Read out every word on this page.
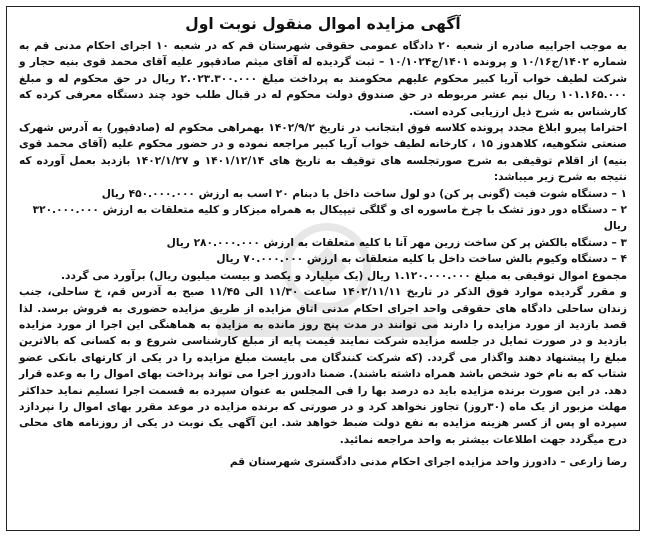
آگهی مزایده اموال منقول نوبت اول

به موجب اجراییه صادره از شعبه ۲۰ دادگاه عمومی حقوقی شهرستان قم که در شعبه ۱۰ اجرای احکام مدنی قم به شماره ۱۴۰۲/ج۱۰/۱۶ و پرونده ۱۴۰۱/ج۱۰/۱۰۲۴ – ثبت گردیده له آقای میثم صادقپور علیه آقای محمد قوی بنیه حجار و شرکت لطیف خواب آریا کبیر محکوم علیهم محکومند به پرداخت مبلغ ۲.۰۲۳.۳۰۰.۰۰۰ ریال در حق محکوم له و مبلغ ۱۰۱.۱۶۵.۰۰۰ ریال نیم عشر مربوطه در حق صندوق دولت محکوم له در قبال طلب خود چند دستگاه معرفی کرده که کارشناس به شرح ذیل ارزیابی کرده است.

احتراما پیرو ابلاغ مجدد پرونده کلاسه فوق ابتجانب در تاریخ ۱۴۰۲/۹/۲ بهمراهی محکوم له (صادقپور) به آدرس شهرک صنعتی شکوهیه، کلاهدوز ۱۵ ، کارخانه لطیف خواب آریا کبیر مراجعه نموده و در حضور محکوم علیه (آقای محمد قوی بنیه) از اقلام توقیفی به شرح صورتجلسه های توقیف به تاریخ های ۱۴۰۱/۱۲/۱۴ و ۱۴۰۲/۱/۲۷ بازدید بعمل آورده که نتیجه به شرح زیر میباشد:

۱ – دستگاه شوت فیت (گونی پر کن) دو لول ساخت داخل با دبنام ۲۰ اسب به ارزش ۴۵۰.۰۰۰.۰۰۰ ریال

۲ – دستگاه دور دوز تشک با چرخ ماسوره ای و گلگی تیپیکال به همراه میزکار و کلیه متعلقات به ارزش ۳۲۰.۰۰۰.۰۰۰ ریال

۳ – دستگاه بالکش پر کن ساخت زرین مهر آنا با کلیه متعلقات به ارزش ۲۸۰.۰۰۰.۰۰۰ ریال

۴ – دستگاه وکیوم بالش ساخت داخل با کلیه متعلقات به ارزش ۷۰.۰۰۰.۰۰۰ ریال

مجموع اموال توقیفی به مبلغ ۱.۱۲۰.۰۰۰.۰۰۰ ریال (یک میلیارد و یکصد و بیست میلیون ریال) برآورد می گردد.

و مقرر گردیده موارد فوق الذکر در تاریخ ۱۴۰۲/۱۱/۱۱ ساعت ۱۱/۳۰ الی ۱۱/۴۵ صبح به آدرس قم، خ ساحلی، جنب زندان ساحلی دادگاه های حقوقی واحد اجرای احکام مدنی اتاق مزایده از طریق مزایده حضوری به فروش برسد. لذا قصد بازدید از مورد مزایده را دارند می توانند در مدت پنج روز مانده به مزایده به هماهنگی این اجرا از مورد مزایده بازدید و در صورت تمایل در جلسه مزایده شرکت نمایند قیمت پایه از مبلغ کارشناسی شروع و به کسانی که بالاترین مبلغ را پیشنهاد دهند واگذار می گردد. (که شرکت کنندگان می بایست مبلغ مزایده را در یکی از کارتهای بانکی عضو شتاب که به نام خود شخص باشد همراه داشته باشند). ضمنا دادورز اجرا می تواند پرداخت بهای اموال را به وعده قرار دهد. در این صورت برنده مزایده باید ده درصد بها را فی المجلس به عنوان سپرده به قسمت اجرا تسلیم نماید حداکثر مهلت مزبور از یک ماه (۳۰روز) تجاوز نخواهد کرد و در صورتی که برنده مزایده در موعد مقرر بهای اموال را نپردازد سپرده او پس از کسر هزینه مزایده به نفع دولت ضبط خواهد شد. این آگهی یک نوبت در یکی از روزنامه های محلی درج میگردد جهت اطلاعات بیشتر به واحد مراجعه نمائید.

رضا زارعی – دادورز واحد مزایده اجرای احکام مدنی دادگستری شهرستان قم
